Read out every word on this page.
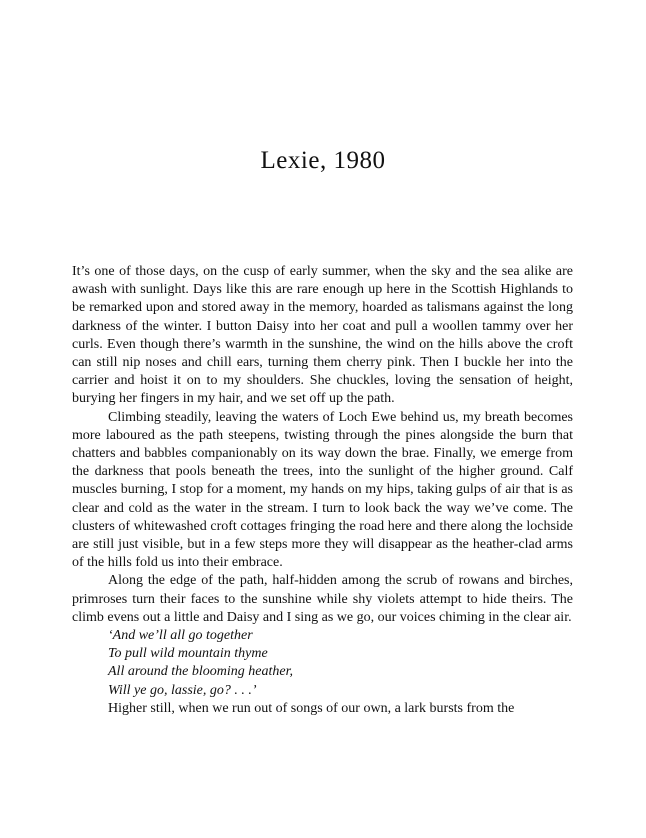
Lexie, 1980

It’s one of those days, on the cusp of early summer, when the sky and the sea alike are awash with sunlight. Days like this are rare enough up here in the Scottish Highlands to be remarked upon and stored away in the memory, hoarded as talismans against the long darkness of the winter. I button Daisy into her coat and pull a woollen tammy over her curls. Even though there’s warmth in the sunshine, the wind on the hills above the croft can still nip noses and chill ears, turning them cherry pink. Then I buckle her into the carrier and hoist it on to my shoulders. She chuckles, loving the sensation of height, burying her fingers in my hair, and we set off up the path.

Climbing steadily, leaving the waters of Loch Ewe behind us, my breath becomes more laboured as the path steepens, twisting through the pines alongside the burn that chatters and babbles companionably on its way down the brae. Finally, we emerge from the darkness that pools beneath the trees, into the sunlight of the higher ground. Calf muscles burning, I stop for a moment, my hands on my hips, taking gulps of air that is as clear and cold as the water in the stream. I turn to look back the way we’ve come. The clusters of whitewashed croft cottages fringing the road here and there along the lochside are still just visible, but in a few steps more they will disappear as the heather-clad arms of the hills fold us into their embrace.

Along the edge of the path, half-hidden among the scrub of rowans and birches, primroses turn their faces to the sunshine while shy violets attempt to hide theirs. The climb evens out a little and Daisy and I sing as we go, our voices chiming in the clear air.

‘And we’ll all go together
To pull wild mountain thyme
All around the blooming heather,
Will ye go, lassie, go? . . .’

Higher still, when we run out of songs of our own, a lark bursts from the
